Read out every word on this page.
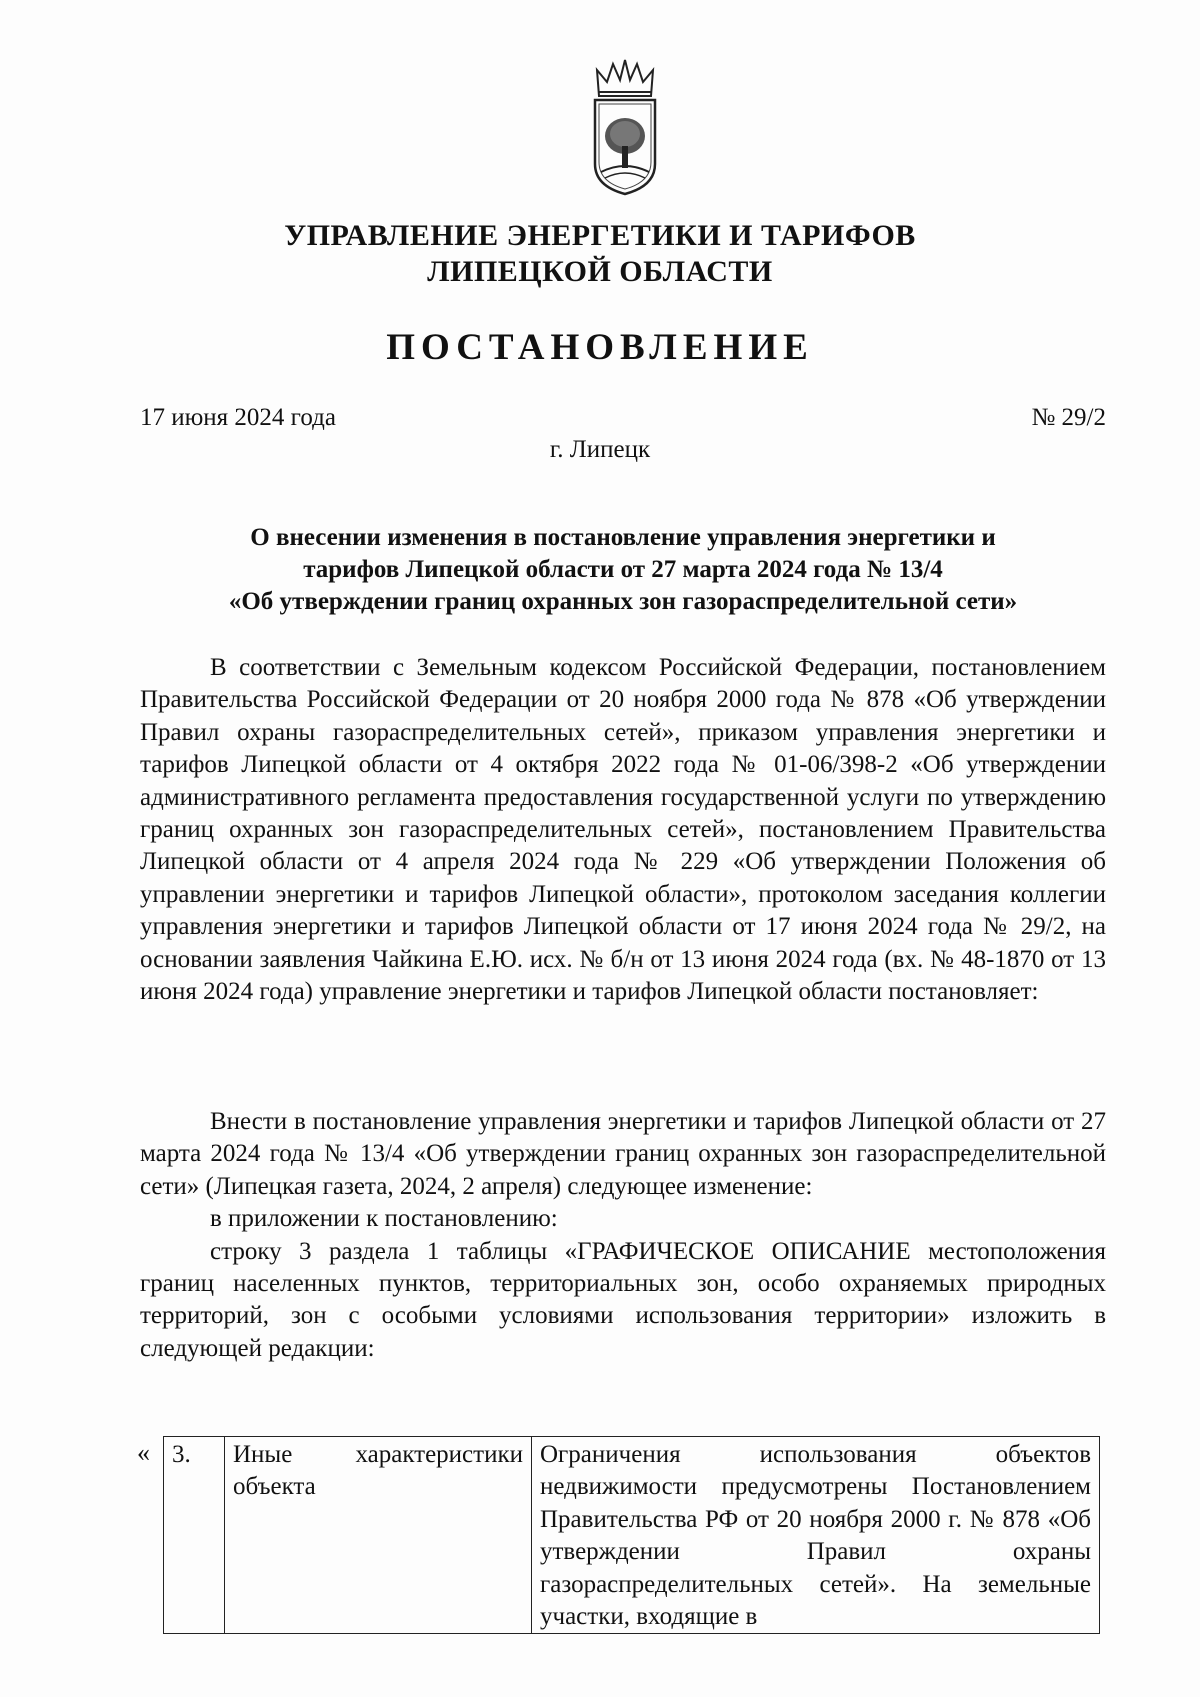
УПРАВЛЕНИЕ ЭНЕРГЕТИКИ И ТАРИФОВ
ЛИПЕЦКОЙ ОБЛАСТИ
ПОСТАНОВЛЕНИЕ
17 июня 2024 года	№ 29/2
г. Липецк
О внесении изменения в постановление управления энергетики и
тарифов Липецкой области от 27 марта 2024 года № 13/4
«Об утверждении границ охранных зон газораспределительной сети»

В соответствии с Земельным кодексом Российской Федерации, постановлением Правительства Российской Федерации от 20 ноября 2000 года № 878 «Об утверждении Правил охраны газораспределительных сетей», приказом управления энергетики и тарифов Липецкой области от 4 октября 2022 года № 01-06/398-2 «Об утверждении административного регламента предоставления государственной услуги по утверждению границ охранных зон газораспределительных сетей», постановлением Правительства Липецкой области от 4 апреля 2024 года № 229 «Об утверждении Положения об управлении энергетики и тарифов Липецкой области», протоколом заседания коллегии управления энергетики и тарифов Липецкой области от 17 июня 2024 года № 29/2, на основании заявления Чайкина Е.Ю. исх. № б/н от 13 июня 2024 года (вх. № 48-1870 от 13 июня 2024 года) управление энергетики и тарифов Липецкой области постановляет:

Внести в постановление управления энергетики и тарифов Липецкой области от 27 марта 2024 года № 13/4 «Об утверждении границ охранных зон газораспределительной сети» (Липецкая газета, 2024, 2 апреля) следующее изменение:

в приложении к постановлению:

строку 3 раздела 1 таблицы «ГРАФИЧЕСКОЕ ОПИСАНИЕ местоположения границ населенных пунктов, территориальных зон, особо охраняемых природных территорий, зон с особыми условиями использования территории» изложить в следующей редакции:

« 3.	Иные характеристики объекта	Ограничения использования объектов недвижимости предусмотрены Постановлением Правительства РФ от 20 ноября 2000 г. № 878 «Об утверждении Правил охраны газораспределительных сетей». На земельные участки, входящие в
